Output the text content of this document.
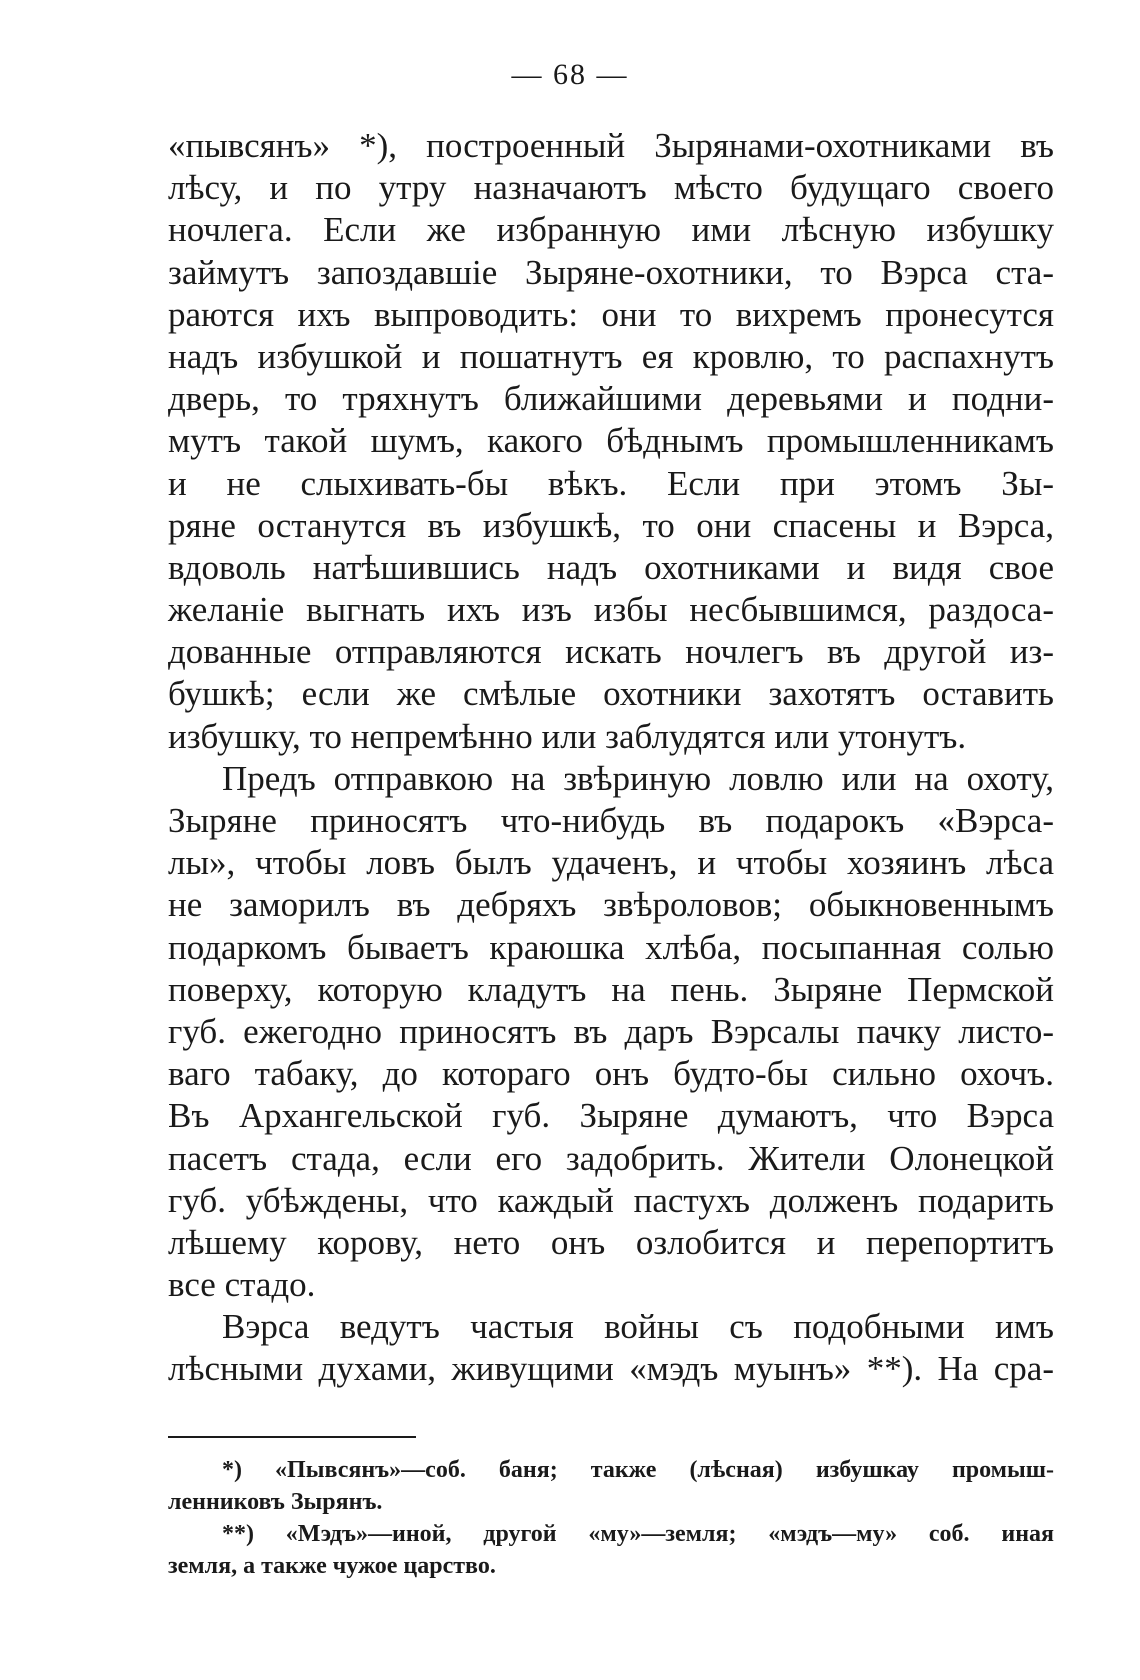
— 68 —
«пывсянъ» *), построенный Зырянами-охотниками въ
лѣсу, и по утру назначаютъ мѣсто будущаго своего
ночлега. Если же избранную ими лѣсную избушку
займутъ запоздавшіе Зыряне-охотники, то Вэрса ста-
раются ихъ выпроводить: они то вихремъ пронесутся
надъ избушкой и пошатнутъ ея кровлю, то распахнутъ
дверь, то тряхнутъ ближайшими деревьями и подни-
мутъ такой шумъ, какого бѣднымъ промышленникамъ
и не слыхивать-бы вѣкъ. Если при этомъ Зы-
ряне останутся въ избушкѣ, то они спасены и Вэрса,
вдоволь натѣшившись надъ охотниками и видя свое
желаніе выгнать ихъ изъ избы несбывшимся, раздоса-
дованные отправляются искать ночлегъ въ другой из-
бушкѣ; если же смѣлые охотники захотятъ оставить
избушку, то непремѣнно или заблудятся или утонутъ.
Предъ отправкою на звѣриную ловлю или на охоту,
Зыряне приносятъ что-нибудь въ подарокъ «Вэрса-
лы», чтобы ловъ былъ удаченъ, и чтобы хозяинъ лѣса
не заморилъ въ дебряхъ звѣроловов; обыкновеннымъ
подаркомъ бываетъ краюшка хлѣба, посыпанная солью
поверху, которую кладутъ на пень. Зыряне Пермской
губ. ежегодно приносятъ въ даръ Вэрсалы пачку листо-
ваго табаку, до котораго онъ будто-бы сильно охочъ.
Въ Архангельской губ. Зыряне думаютъ, что Вэрса
пасетъ стада, если его задобрить. Жители Олонецкой
губ. убѣждены, что каждый пастухъ долженъ подарить
лѣшему корову, нето онъ озлобится и перепортитъ
все стадо.
Вэрса ведутъ частыя войны съ подобными имъ
лѣсными духами, живущими «мэдъ муынъ» **). На сра-
*) «Пывсянъ»—соб. баня; также (лѣсная) избушкау промыш-
ленниковъ Зырянъ.
**) «Мэдъ»—иной, другой «му»—земля; «мэдъ—му» соб. иная
земля, а также чужое царство.
